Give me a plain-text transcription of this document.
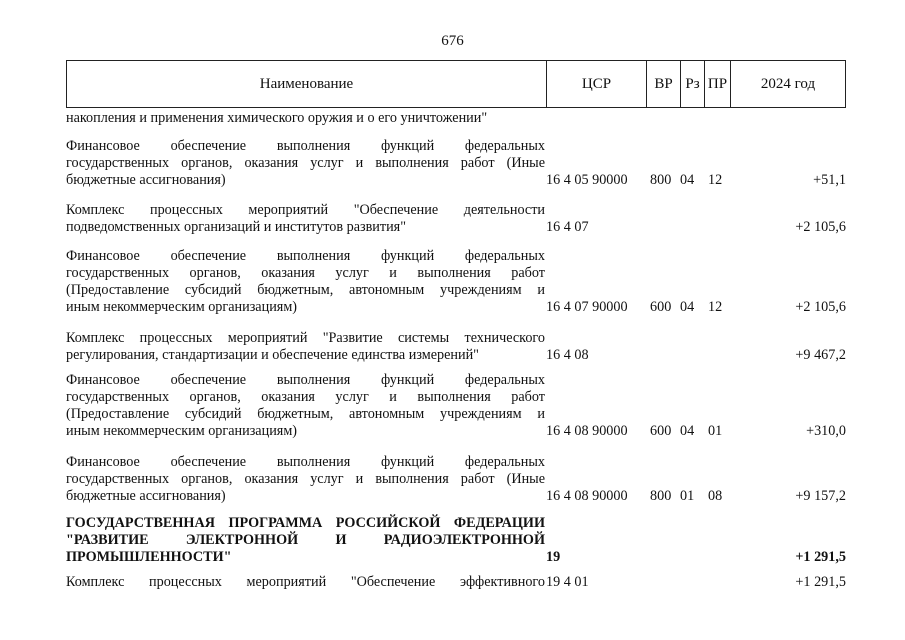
676
Наименование	ЦСР	ВР Рз ПР	2024 год
накопления и применения химического оружия и о его уничтожении"
Финансовое обеспечение выполнения функций федеральных
государственных органов, оказания услуг и выполнения работ (Иные
бюджетные ассигнования)	16 4 05 90000	800 04 12	+51,1
Комплекс процессных мероприятий "Обеспечение деятельности
подведомственных организаций и институтов развития"	16 4 07	+2 105,6
Финансовое обеспечение выполнения функций федеральных
государственных органов, оказания услуг и выполнения работ
(Предоставление субсидий бюджетным, автономным учреждениям и
иным некоммерческим организациям)	16 4 07 90000	600 04 12	+2 105,6
Комплекс процессных мероприятий "Развитие системы технического
регулирования, стандартизации и обеспечение единства измерений"	16 4 08	+9 467,2
Финансовое обеспечение выполнения функций федеральных
государственных органов, оказания услуг и выполнения работ
(Предоставление субсидий бюджетным, автономным учреждениям и
иным некоммерческим организациям)	16 4 08 90000	600 04 01	+310,0
Финансовое обеспечение выполнения функций федеральных
государственных органов, оказания услуг и выполнения работ (Иные
бюджетные ассигнования)	16 4 08 90000	800 01 08	+9 157,2
ГОСУДАРСТВЕННАЯ ПРОГРАММА РОССИЙСКОЙ ФЕДЕРАЦИИ
"РАЗВИТИЕ ЭЛЕКТРОННОЙ И РАДИОЭЛЕКТРОННОЙ
ПРОМЫШЛЕННОСТИ"	19	+1 291,5
Комплекс процессных мероприятий "Обеспечение эффективного 19 4 01	+1 291,5
